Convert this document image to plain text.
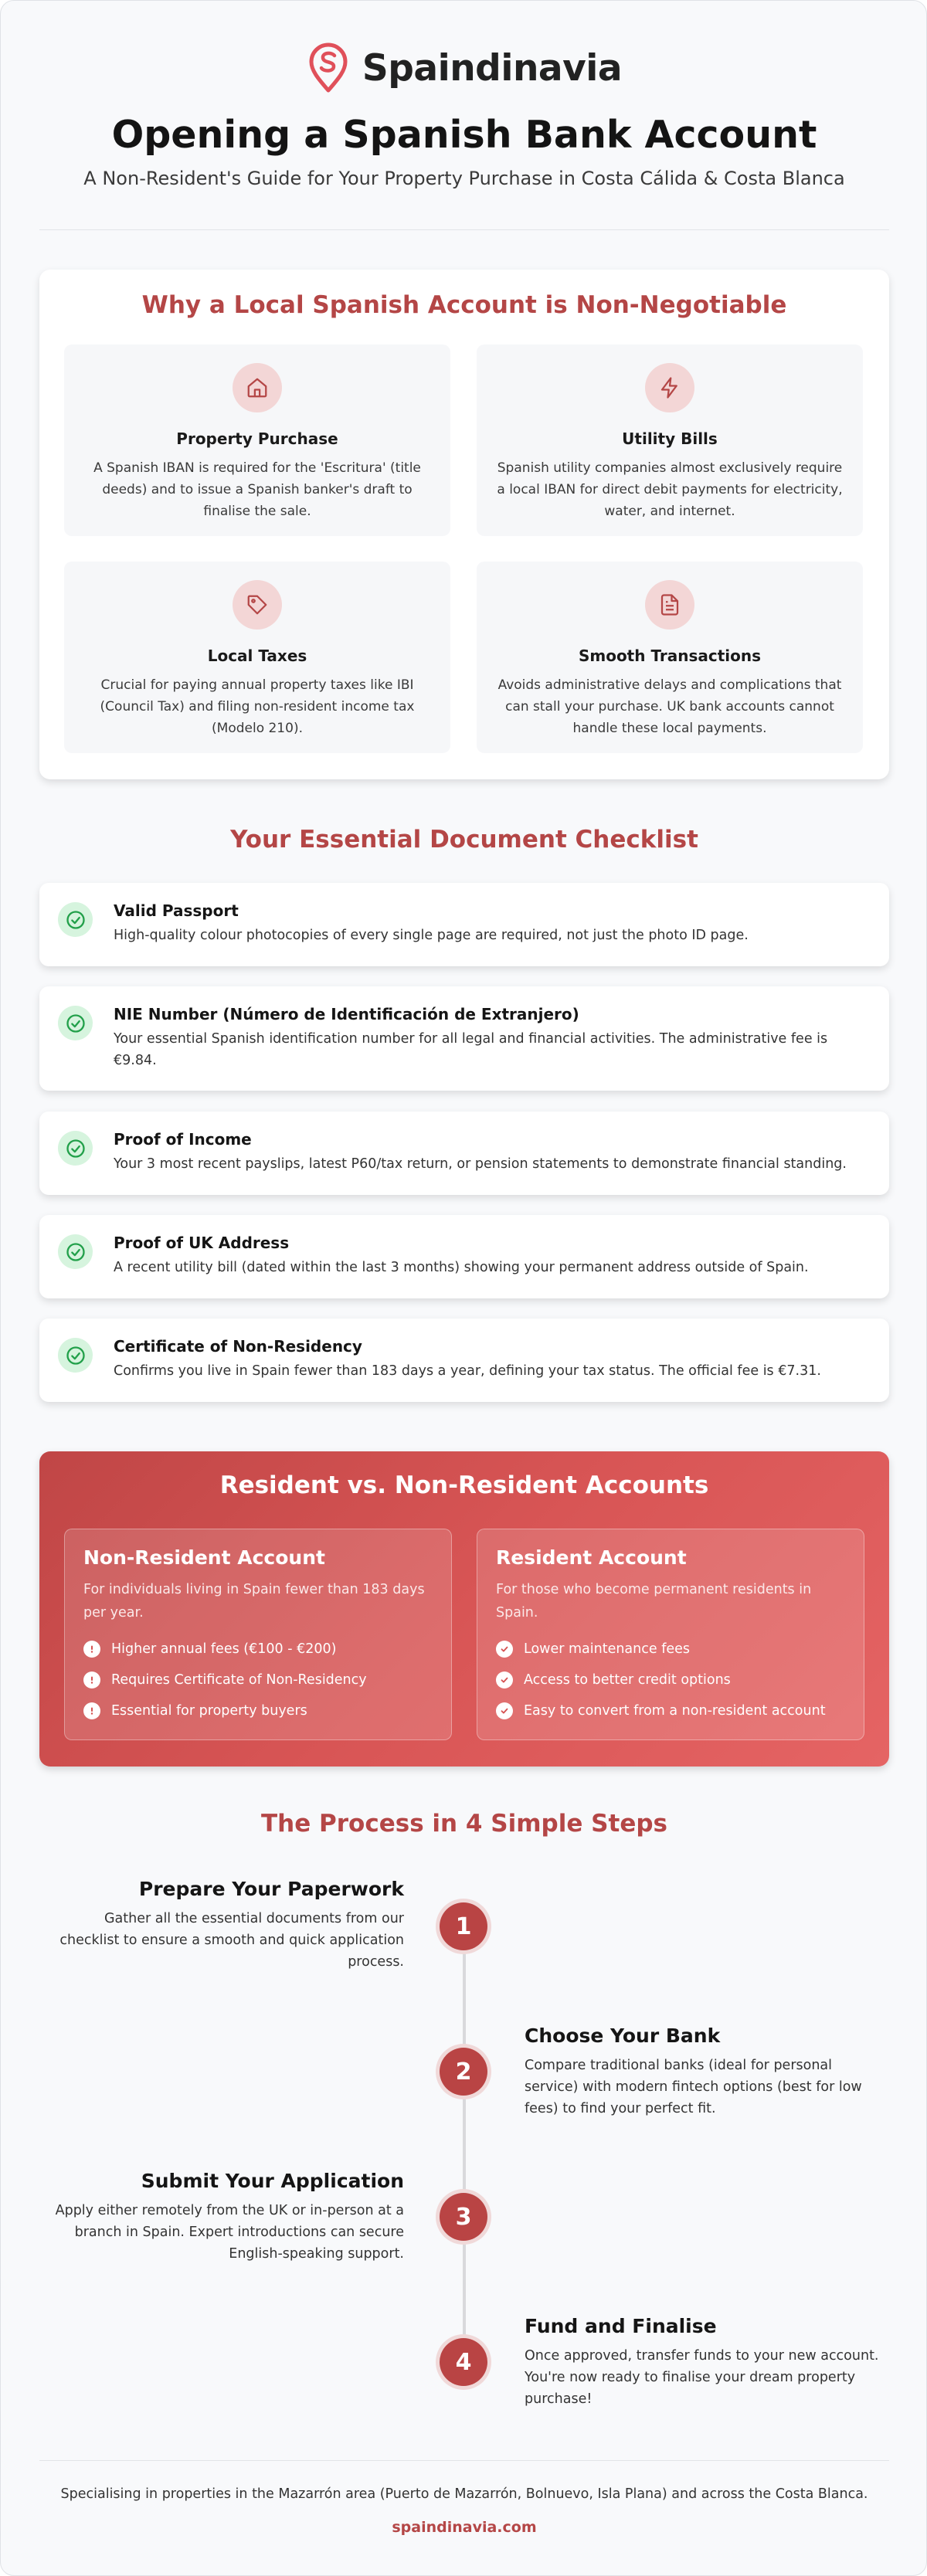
Spaindinavia
Opening a Spanish Bank Account
A Non-Resident's Guide for Your Property Purchase in Costa Cálida & Costa Blanca
Why a Local Spanish Account is Non-Negotiable
Property Purchase
A Spanish IBAN is required for the 'Escritura' (title deeds) and to issue a Spanish banker's draft to finalise the sale.
Utility Bills
Spanish utility companies almost exclusively require a local IBAN for direct debit payments for electricity, water, and internet.
Local Taxes
Crucial for paying annual property taxes like IBI (Council Tax) and filing non-resident income tax (Modelo 210).
Smooth Transactions
Avoids administrative delays and complications that can stall your purchase. UK bank accounts cannot handle these local payments.
Your Essential Document Checklist
Valid Passport
High-quality colour photocopies of every single page are required, not just the photo ID page.
NIE Number (Número de Identificación de Extranjero)
Your essential Spanish identification number for all legal and financial activities. The administrative fee is €9.84.
Proof of Income
Your 3 most recent payslips, latest P60/tax return, or pension statements to demonstrate financial standing.
Proof of UK Address
A recent utility bill (dated within the last 3 months) showing your permanent address outside of Spain.
Certificate of Non-Residency
Confirms you live in Spain fewer than 183 days a year, defining your tax status. The official fee is €7.31.
Resident vs. Non-Resident Accounts
Non-Resident Account
For individuals living in Spain fewer than 183 days per year.
Higher annual fees (€100 - €200)
Requires Certificate of Non-Residency
Essential for property buyers
Resident Account
For those who become permanent residents in Spain.
Lower maintenance fees
Access to better credit options
Easy to convert from a non-resident account
The Process in 4 Simple Steps
1
Prepare Your Paperwork
Gather all the essential documents from our checklist to ensure a smooth and quick application process.
2
Choose Your Bank
Compare traditional banks (ideal for personal service) with modern fintech options (best for low fees) to find your perfect fit.
3
Submit Your Application
Apply either remotely from the UK or in-person at a branch in Spain. Expert introductions can secure English-speaking support.
4
Fund and Finalise
Once approved, transfer funds to your new account. You're now ready to finalise your dream property purchase!
Specialising in properties in the Mazarrón area (Puerto de Mazarrón, Bolnuevo, Isla Plana) and across the Costa Blanca.
spaindinavia.com
